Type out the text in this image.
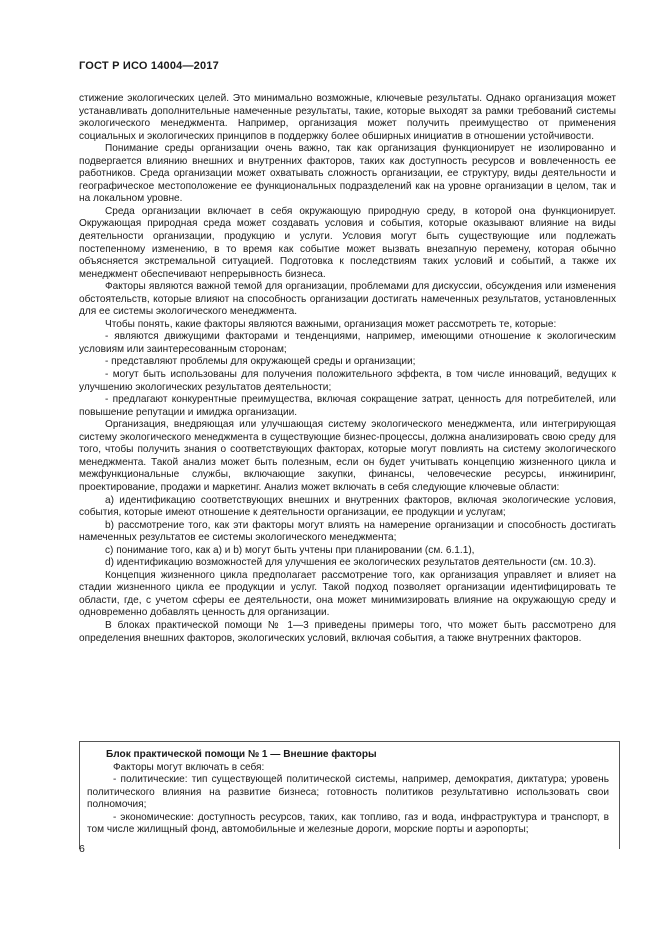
ГОСТ Р ИСО 14004—2017

стижение экологических целей. Это минимально возможные, ключевые результаты. Однако организация может устанавливать дополнительные намеченные результаты, такие, которые выходят за рамки требований системы экологического менеджмента. Например, организация может получить преимущество от применения социальных и экологических принципов в поддержку более обширных инициатив в отношении устойчивости.

Понимание среды организации очень важно, так как организация функционирует не изолированно и подвергается влиянию внешних и внутренних факторов, таких как доступность ресурсов и вовлеченность ее работников. Среда организации может охватывать сложность организации, ее структуру, виды деятельности и географическое местоположение ее функциональных подразделений как на уровне организации в целом, так и на локальном уровне.

Среда организации включает в себя окружающую природную среду, в которой она функционирует. Окружающая природная среда может создавать условия и события, которые оказывают влияние на виды деятельности организации, продукцию и услуги. Условия могут быть существующие или подлежать постепенному изменению, в то время как событие может вызвать внезапную перемену, которая обычно объясняется экстремальной ситуацией. Подготовка к последствиям таких условий и событий, а также их менеджмент обеспечивают непрерывность бизнеса.

Факторы являются важной темой для организации, проблемами для дискуссии, обсуждения или изменения обстоятельств, которые влияют на способность организации достигать намеченных результатов, установленных для ее системы экологического менеджмента.

Чтобы понять, какие факторы являются важными, организация может рассмотреть те, которые:

- являются движущими факторами и тенденциями, например, имеющими отношение к экологическим условиям или заинтересованным сторонам;

- представляют проблемы для окружающей среды и организации;

- могут быть использованы для получения положительного эффекта, в том числе инноваций, ведущих к улучшению экологических результатов деятельности;

- предлагают конкурентные преимущества, включая сокращение затрат, ценность для потребителей, или повышение репутации и имиджа организации.

Организация, внедряющая или улучшающая систему экологического менеджмента, или интегрирующая систему экологического менеджмента в существующие бизнес-процессы, должна анализировать свою среду для того, чтобы получить знания о соответствующих факторах, которые могут повлиять на систему экологического менеджмента. Такой анализ может быть полезным, если он будет учитывать концепцию жизненного цикла и межфункциональные службы, включающие закупки, финансы, человеческие ресурсы, инжиниринг, проектирование, продажи и маркетинг. Анализ может включать в себя следующие ключевые области:

а) идентификацию соответствующих внешних и внутренних факторов, включая экологические условия, события, которые имеют отношение к деятельности организации, ее продукции и услугам;

b) рассмотрение того, как эти факторы могут влиять на намерение организации и способность достигать намеченных результатов ее системы экологического менеджмента;

c) понимание того, как a) и b) могут быть учтены при планировании (см. 6.1.1),

d) идентификацию возможностей для улучшения ее экологических результатов деятельности (см. 10.3).

Концепция жизненного цикла предполагает рассмотрение того, как организация управляет и влияет на стадии жизненного цикла ее продукции и услуг. Такой подход позволяет организации идентифицировать те области, где, с учетом сферы ее деятельности, она может минимизировать влияние на окружающую среду и одновременно добавлять ценность для организации.

В блоках практической помощи № 1—3 приведены примеры того, что может быть рассмотрено для определения внешних факторов, экологических условий, включая события, а также внутренних факторов.

Блок практической помощи № 1 — Внешние факторы

Факторы могут включать в себя:

- политические: тип существующей политической системы, например, демократия, диктатура; уровень политического влияния на развитие бизнеса; готовность политиков результативно использовать свои полномочия;

- экономические: доступность ресурсов, таких, как топливо, газ и вода, инфраструктура и транспорт, в том числе жилищный фонд, автомобильные и железные дороги, морские порты и аэропорты;

6
